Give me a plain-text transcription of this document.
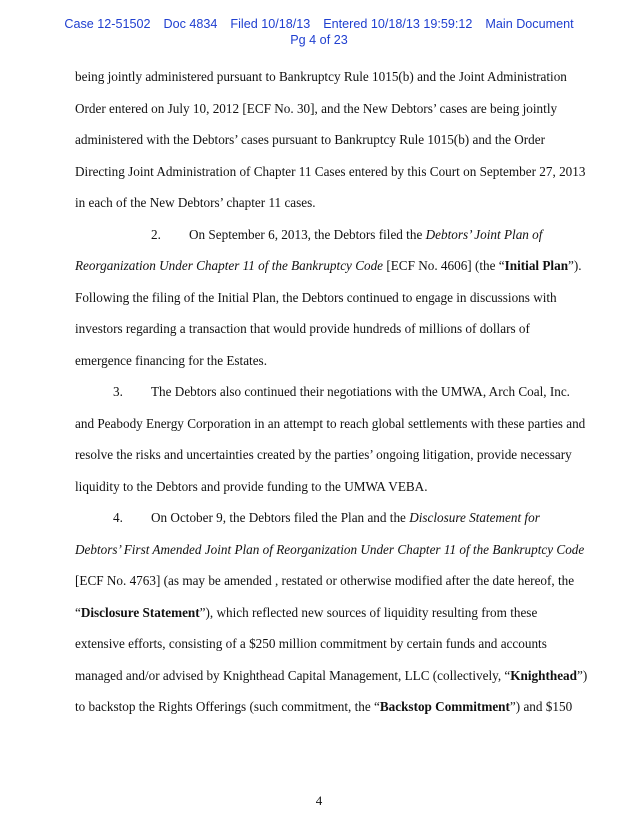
Case 12-51502 Doc 4834 Filed 10/18/13 Entered 10/18/13 19:59:12 Main Document
Pg 4 of 23
being jointly administered pursuant to Bankruptcy Rule 1015(b) and the Joint Administration
Order entered on July 10, 2012 [ECF No. 30], and the New Debtors’ cases are being jointly
administered with the Debtors’ cases pursuant to Bankruptcy Rule 1015(b) and the Order
Directing Joint Administration of Chapter 11 Cases entered by this Court on September 27, 2013
in each of the New Debtors’ chapter 11 cases.
2. On September 6, 2013, the Debtors filed the Debtors’ Joint Plan of
Reorganization Under Chapter 11 of the Bankruptcy Code [ECF No. 4606] (the “Initial Plan”).
Following the filing of the Initial Plan, the Debtors continued to engage in discussions with
investors regarding a transaction that would provide hundreds of millions of dollars of
emergence financing for the Estates.
3. The Debtors also continued their negotiations with the UMWA, Arch Coal, Inc.
and Peabody Energy Corporation in an attempt to reach global settlements with these parties and
resolve the risks and uncertainties created by the parties’ ongoing litigation, provide necessary
liquidity to the Debtors and provide funding to the UMWA VEBA.
4. On October 9, the Debtors filed the Plan and the Disclosure Statement for
Debtors’ First Amended Joint Plan of Reorganization Under Chapter 11 of the Bankruptcy Code
[ECF No. 4763] (as may be amended , restated or otherwise modified after the date hereof, the
“Disclosure Statement”), which reflected new sources of liquidity resulting from these
extensive efforts, consisting of a $250 million commitment by certain funds and accounts
managed and/or advised by Knighthead Capital Management, LLC (collectively, “Knighthead”)
to backstop the Rights Offerings (such commitment, the “Backstop Commitment”) and $150
4
